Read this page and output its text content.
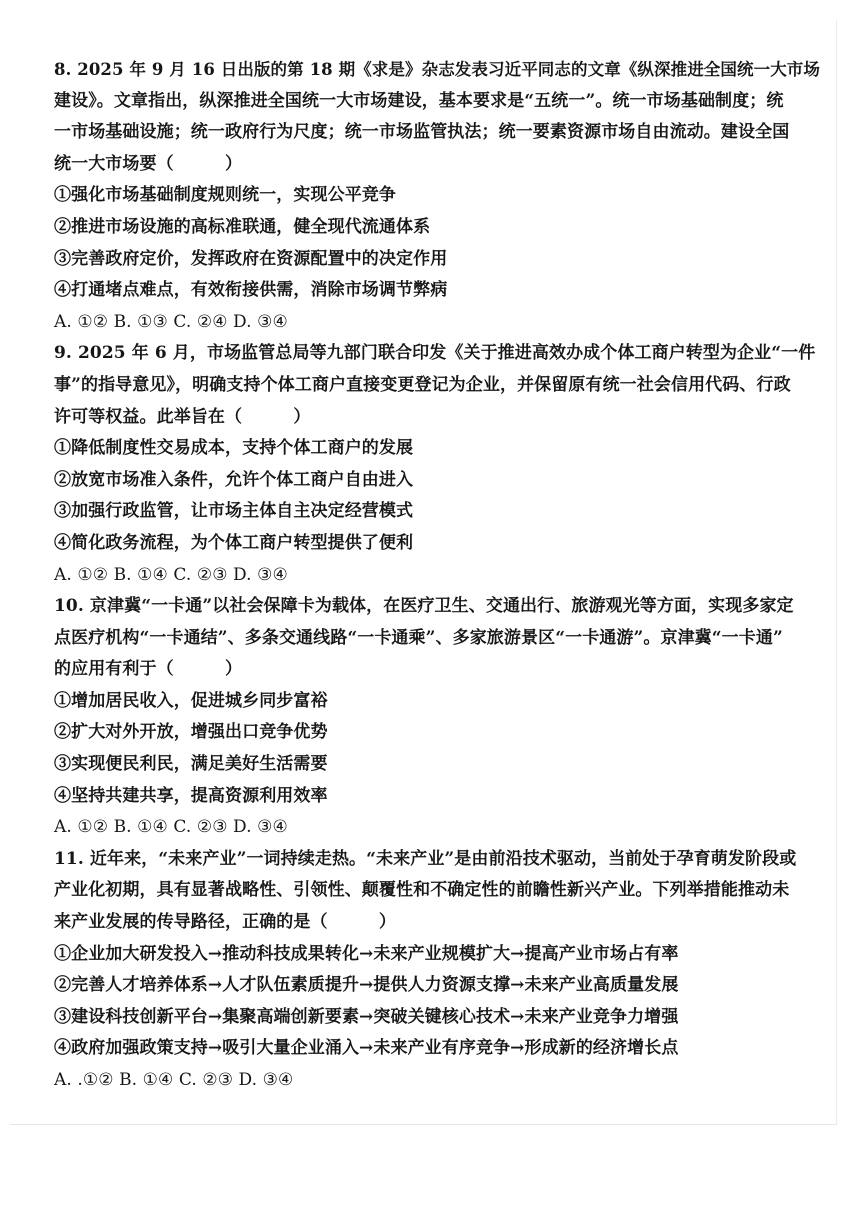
8. 2025 年 9 月 16 日出版的第 18 期《求是》杂志发表习近平同志的文章《纵深推进全国统一大市场
建设》。文章指出，纵深推进全国统一大市场建设，基本要求是“五统一”。统一市场基础制度；统
一市场基础设施；统一政府行为尺度；统一市场监管执法；统一要素资源市场自由流动。建设全国
统一大市场要（　　　）
①强化市场基础制度规则统一，实现公平竞争
②推进市场设施的高标准联通，健全现代流通体系
③完善政府定价，发挥政府在资源配置中的决定作用
④打通堵点难点，有效衔接供需，消除市场调节弊病
A. ①② B. ①③ C. ②④ D. ③④
9. 2025 年 6 月，市场监管总局等九部门联合印发《关于推进高效办成个体工商户转型为企业“一件
事”的指导意见》，明确支持个体工商户直接变更登记为企业，并保留原有统一社会信用代码、行政
许可等权益。此举旨在（　　　）
①降低制度性交易成本，支持个体工商户的发展
②放宽市场准入条件，允许个体工商户自由进入
③加强行政监管，让市场主体自主决定经营模式
④简化政务流程，为个体工商户转型提供了便利
A. ①② B. ①④ C. ②③ D. ③④
10. 京津冀“一卡通”以社会保障卡为载体，在医疗卫生、交通出行、旅游观光等方面，实现多家定
点医疗机构“一卡通结”、多条交通线路“一卡通乘”、多家旅游景区“一卡通游”。京津冀“一卡通”
的应用有利于（　　　）
①增加居民收入，促进城乡同步富裕
②扩大对外开放，增强出口竞争优势
③实现便民利民，满足美好生活需要
④坚持共建共享，提高资源利用效率
A. ①② B. ①④ C. ②③ D. ③④
11. 近年来，“未来产业”一词持续走热。“未来产业”是由前沿技术驱动，当前处于孕育萌发阶段或
产业化初期，具有显著战略性、引领性、颠覆性和不确定性的前瞻性新兴产业。下列举措能推动未
来产业发展的传导路径，正确的是（　　　）
①企业加大研发投入→推动科技成果转化→未来产业规模扩大→提高产业市场占有率
②完善人才培养体系→人才队伍素质提升→提供人力资源支撑→未来产业高质量发展
③建设科技创新平台→集聚高端创新要素→突破关键核心技术→未来产业竞争力增强
④政府加强政策支持→吸引大量企业涌入→未来产业有序竞争→形成新的经济增长点
A. .①② B. ①④ C. ②③ D. ③④
